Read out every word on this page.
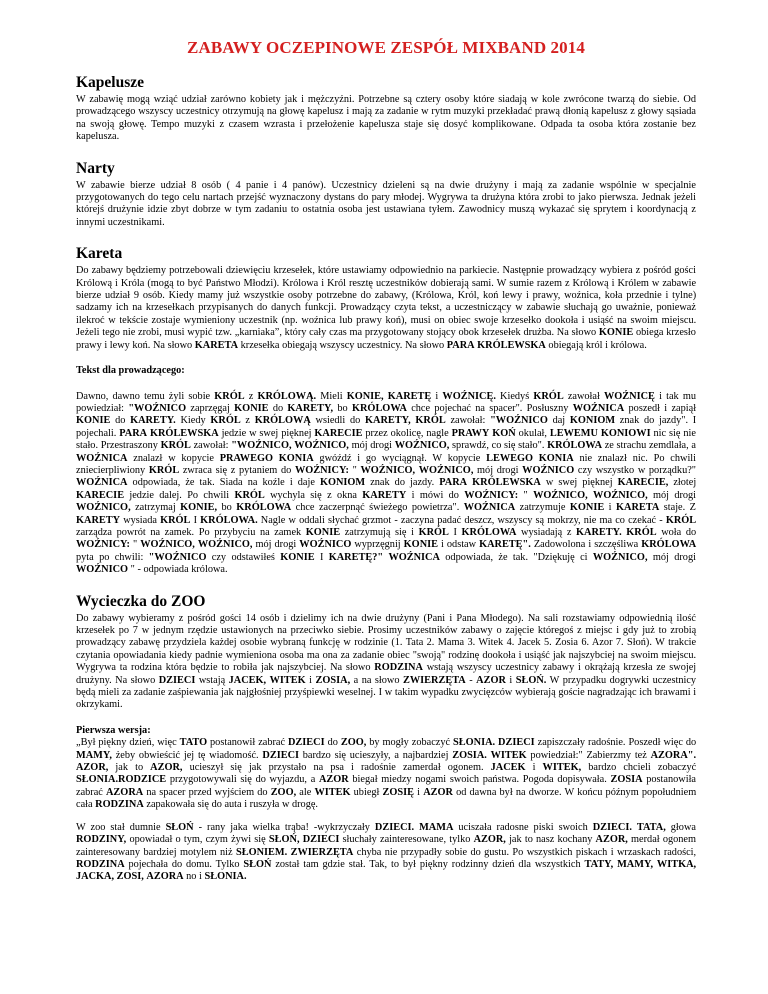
ZABAWY OCZEPINOWE ZESPÓŁ MIXBAND 2014
Kapelusze

W zabawię mogą wziąć udział zarówno kobiety jak i mężczyźni. Potrzebne są cztery osoby które siadają w kole zwrócone twarzą do siebie. Od prowadzącego wszyscy uczestnicy otrzymują na głowę kapelusz i mają za zadanie w rytm muzyki przekładać prawą dłonią kapelusz z głowy sąsiada na swoją głowę. Tempo muzyki z czasem wzrasta i przełożenie kapelusza staje się dosyć komplikowane. Odpada ta osoba która zostanie bez kapelusza.

Narty

W zabawie bierze udział 8 osób ( 4 panie i 4 panów). Uczestnicy dzieleni są na dwie drużyny i mają za zadanie wspólnie w specjalnie przygotowanych do tego celu nartach przejść wyznaczony dystans do pary młodej. Wygrywa ta drużyna która zrobi to jako pierwsza. Jednak jeżeli którejś drużynie idzie zbyt dobrze w tym zadaniu to ostatnia osoba jest ustawiana tyłem. Zawodnicy muszą wykazać się sprytem i koordynacją z innymi uczestnikami.

Kareta

Do zabawy będziemy potrzebowali dziewięciu krzesełek, które ustawiamy odpowiednio na parkiecie. Następnie prowadzący wybiera z pośród gości Królową i Króla (mogą to być Państwo Młodzi). Królowa i Król resztę uczestników dobierają sami. W sumie razem z Królową i Królem w zabawie bierze udział 9 osób. Kiedy mamy już wszystkie osoby potrzebne do zabawy, (Królowa, Król, koń lewy i prawy, woźnica, koła przednie i tylne) sadzamy ich na krzesełkach przypisanych do danych funkcji. Prowadzący czyta tekst, a uczestniczący w zabawie słuchają go uważnie, ponieważ ilekroć w tekście zostaje wymieniony uczestnik (np. woźnica lub prawy koń), musi on obiec swoje krzesełko dookoła i usiąść na swoim miejscu. Jeżeli tego nie zrobi, musi wypić tzw. „karniaka”, który cały czas ma przygotowany stojący obok krzesełek drużba. Na słowo KONIE obiega krzesło prawy i lewy koń. Na słowo KARETA krzesełka obiegają wszyscy uczestnicy. Na słowo PARA KRÓLEWSKA obiegają król i królowa.

Tekst dla prowadzącego:

Dawno, dawno temu żyli sobie KRÓL z KRÓLOWĄ. Mieli KONIE, KARETĘ i WOŹNICĘ. Kiedyś KRÓL zawołał WOŹNICĘ i tak mu powiedział: "WOŹNICO zaprzęgaj KONIE do KARETY, bo KRÓLOWA chce pojechać na spacer". Posłuszny WOŹNICA poszedł i zapiął KONIE do KARETY. Kiedy KRÓL z KRÓLOWĄ wsiedli do KARETY, KRÓL zawołał: "WOŹNICO daj KONIOM znak do jazdy". I pojechali. PARA KRÓLEWSKA jedzie w swej pięknej KARECIE przez okolicę, nagle PRAWY KOŃ okulał, LEWEMU KONIOWI nic się nie stało. Przestraszony KRÓL zawołał: "WOŹNICO, WOŹNICO, mój drogi WOŹNICO, sprawdź, co się stało". KRÓLOWA ze strachu zemdlała, a WOŹNICA znalazł w kopycie PRAWEGO KONIA gwóźdź i go wyciągnął. W kopycie LEWEGO KONIA nie znalazł nic. Po chwili zniecierpliwiony KRÓL zwraca się z pytaniem do WOŹNICY: " WOŹNICO, WOŹNICO, mój drogi WOŹNICO czy wszystko w porządku?" WOŹNICA odpowiada, że tak. Siada na koźle i daje KONIOM znak do jazdy. PARA KRÓLEWSKA w swej pięknej KARECIE, złotej KARECIE jedzie dalej. Po chwili KRÓL wychyla się z okna KARETY i mówi do WOŹNICY: " WOŹNICO, WOŹNICO, mój drogi WOŹNICO, zatrzymaj KONIE, bo KRÓLOWA chce zaczerpnąć świeżego powietrza". WOŹNICA zatrzymuje KONIE i KARETA staje. Z KARETY wysiada KRÓL I KRÓLOWA. Nagle w oddali słychać grzmot - zaczyna padać deszcz, wszyscy są mokrzy, nie ma co czekać - KRÓL zarządza powrót na zamek. Po przybyciu na zamek KONIE zatrzymują się i KRÓL I KRÓLOWA wysiadają z KARETY. KRÓL woła do WOŹNICY: " WOŹNICO, WOŹNICO, mój drogi WOŹNICO wyprzęgnij KONIE i odstaw KARETĘ". Zadowolona i szczęśliwa KRÓLOWA pyta po chwili: "WOŹNICO czy odstawiłeś KONIE I KARETĘ?" WOŹNICA odpowiada, że tak. "Dziękuję ci WOŹNICO, mój drogi WOŹNICO " - odpowiada królowa.

Wycieczka do ZOO

Do zabawy wybieramy z pośród gości 14 osób i dzielimy ich na dwie drużyny (Pani i Pana Młodego). Na sali rozstawiamy odpowiednią ilość krzesełek po 7 w jednym rzędzie ustawionych na przeciwko siebie. Prosimy uczestników zabawy o zajęcie któregoś z miejsc i gdy już to zrobią prowadzący zabawę przydziela każdej osobie wybraną funkcję w rodzinie (1. Tata 2. Mama 3. Witek 4. Jacek 5. Zosia 6. Azor 7. Słoń). W trakcie czytania opowiadania kiedy padnie wymieniona osoba ma ona za zadanie obiec "swoją" rodzinę dookoła i usiąść jak najszybciej na swoim miejscu. Wygrywa ta rodzina która będzie to robiła jak najszybciej. Na słowo RODZINA wstają wszyscy uczestnicy zabawy i okrążają krzesła ze swojej drużyny. Na słowo DZIECI wstają JACEK, WITEK i ZOSIA, a na słowo ZWIERZĘTA - AZOR i SŁOŃ. W przypadku dogrywki uczestnicy będą mieli za zadanie zaśpiewania jak najgłośniej przyśpiewki weselnej. I w takim wypadku zwycięzców wybierają goście nagradzając ich brawami i okrzykami.

Pierwsza wersja:

„Był piękny dzień, więc TATO postanowił zabrać DZIECI do ZOO, by mogły zobaczyć SŁONIA. DZIECI zapiszczały radośnie. Poszedł więc do MAMY, żeby obwieścić jej tę wiadomość. DZIECI bardzo się ucieszyły, a najbardziej ZOSIA. WITEK powiedział:" Zabierzmy też AZORA". AZOR, jak to AZOR, ucieszył się jak przystało na psa i radośnie zamerdał ogonem. JACEK i WITEK, bardzo chcieli zobaczyć SŁONIA.RODZICE przygotowywali się do wyjazdu, a AZOR biegał miedzy nogami swoich państwa. Pogoda dopisywała. ZOSIA postanowiła zabrać AZORA na spacer przed wyjściem do ZOO, ale WITEK ubiegł ZOSIĘ i AZOR od dawna był na dworze. W końcu późnym popołudniem cała RODZINA zapakowała się do auta i ruszyła w drogę.

W zoo stał dumnie SŁOŃ - rany jaka wielka trąba! -wykrzyczały DZIECI. MAMA uciszała radosne piski swoich DZIECI. TATA, głowa RODZINY, opowiadał o tym, czym żywi się SŁOŃ, DZIECI słuchały zainteresowane, tylko AZOR, jak to nasz kochany AZOR, merdał ogonem zainteresowany bardziej motylem niż SŁONIEM. ZWIERZĘTA chyba nie przypadły sobie do gustu. Po wszystkich piskach i wrzaskach radości, RODZINA pojechała do domu. Tylko SŁOŃ został tam gdzie stał. Tak, to był piękny rodzinny dzień dla wszystkich TATY, MAMY, WITKA, JACKA, ZOSI, AZORA no i SŁONIA.
